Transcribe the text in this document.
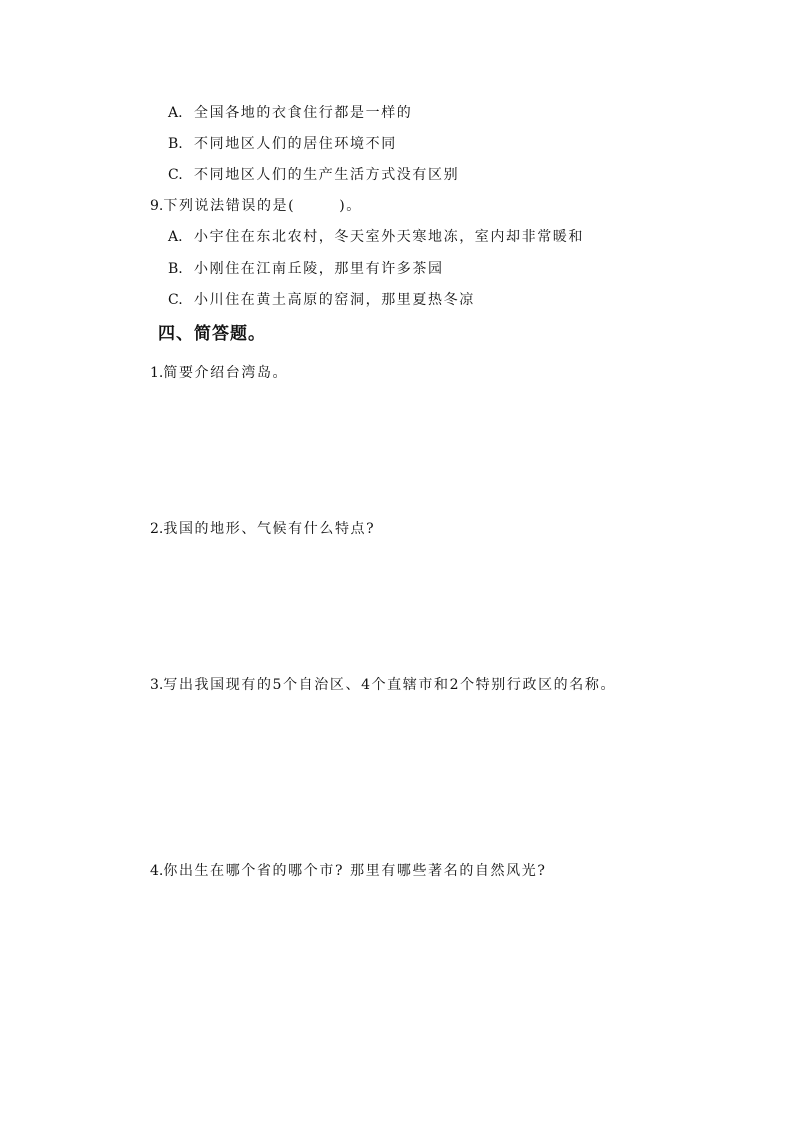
A. 全国各地的衣食住行都是一样的
B. 不同地区人们的居住环境不同
C. 不同地区人们的生产生活方式没有区别
9.下列说法错误的是(	)。
A. 小宇住在东北农村，冬天室外天寒地冻，室内却非常暖和
B. 小刚住在江南丘陵，那里有许多茶园
C. 小川住在黄土高原的窑洞，那里夏热冬凉
四、简答题。
1.简要介绍台湾岛。
2.我国的地形、气候有什么特点?
3.写出我国现有的5个自治区、4个直辖市和2个特别行政区的名称。
4.你出生在哪个省的哪个市? 那里有哪些著名的自然风光?
